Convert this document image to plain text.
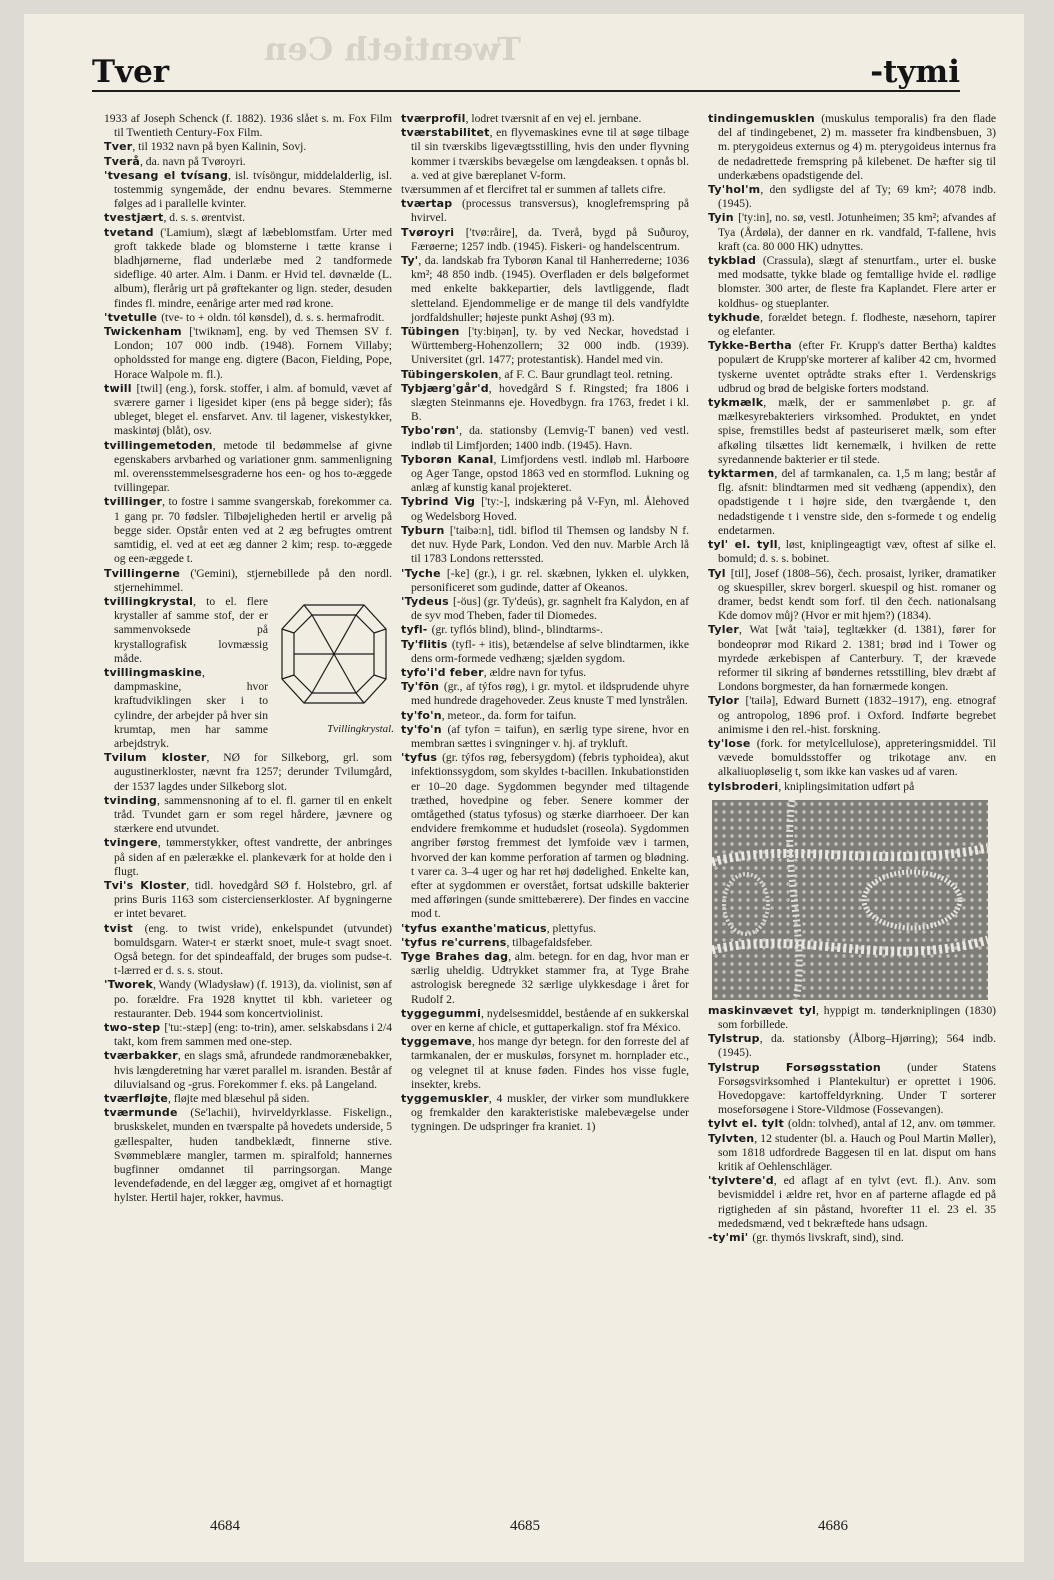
Twentieth Cen
Tver	-tymi

1933 af Joseph Schenck (f. 1882). 1936 slået s. m. Fox Film til Twentieth Century-Fox Film.

Tver, til 1932 navn på byen Kalinin, Sovj.

Tverå, da. navn på Tvøroyri.

'tvesang el tvísang, isl. tvísöngur, middelalderlig, isl. tostemmig syngemåde, der endnu bevares. Stemmerne følges ad i parallelle kvinter.

tvestjært, d. s. s. ørentvist.

tvetand ('Lamium), slægt af læbeblomstfam. Urter med groft takkede blade og blomsterne i tætte kranse i bladhjørnerne, flad underlæbe med 2 tandformede sideflige. 40 arter. Alm. i Danm. er Hvid tel. døvnælde (L. album), flerårig urt på grøftekanter og lign. steder, desuden findes fl. mindre, eenårige arter med rød krone.

'tvetulle (tve- to + oldn. tól kønsdel), d. s. s. hermafrodit.

Twickenham ['twiknəm], eng. by ved Themsen SV f. London; 107 000 indb. (1948). Fornem Villaby; opholdssted for mange eng. digtere (Bacon, Fielding, Pope, Horace Walpole m. fl.).

twill [twil] (eng.), forsk. stoffer, i alm. af bomuld, vævet af sværere garner i ligesidet kiper (ens på begge sider); fås ubleget, bleget el. ensfarvet. Anv. til lagener, viskestykker, maskintøj (blåt), osv.

tvillingemetoden, metode til bedømmelse af givne egenskabers arvbarhed og variationer gnm. sammenligning ml. overensstemmelsesgraderne hos een- og hos to-æggede tvillingepar.

tvillinger, to fostre i samme svangerskab, forekommer ca. 1 gang pr. 70 fødsler. Tilbøjeligheden hertil er arvelig på begge sider. Opstår enten ved at 2 æg befrugtes omtrent samtidig, el. ved at eet æg danner 2 kim; resp. to-æggede og een-æggede t.

Tvillingerne ('Gemini), stjernebillede på den nordl. stjernehimmel.

Tvillingkrystal.

tvillingkrystal, to el. flere krystaller af samme stof, der er sammenvoksede på krystallografisk lovmæssig måde.

tvillingmaskine, dampmaskine, hvor kraftudviklingen sker i to cylindre, der arbejder på hver sin krumtap, men har samme arbejdstryk.

Tvilum kloster, NØ for Silkeborg, grl. som augustinerkloster, nævnt fra 1257; derunder Tvilumgård, der 1537 lagdes under Silkeborg slot.

tvinding, sammensnoning af to el. fl. garner til en enkelt tråd. Tvundet garn er som regel hårdere, jævnere og stærkere end utvundet.

tvingere, tømmerstykker, oftest vandrette, der anbringes på siden af en pælerække el. plankeværk for at holde den i flugt.

Tvi's Kloster, tidl. hovedgård SØ f. Holstebro, grl. af prins Buris 1163 som cistercienserkloster. Af bygningerne er intet bevaret.

tvist (eng. to twist vride), enkelspundet (utvundet) bomuldsgarn. Water-t er stærkt snoet, mule-t svagt snoet. Også betegn. for det spindeaffald, der bruges som pudse-t. t-lærred er d. s. s. stout.

'Tworek, Wandy (Wladysław) (f. 1913), da. violinist, søn af po. forældre. Fra 1928 knyttet til kbh. varieteer og restauranter. Deb. 1944 som koncertviolinist.

two-step ['tu:-stæp] (eng: to-trin), amer. selskabsdans i 2/4 takt, kom frem sammen med one-step.

tværbakker, en slags små, afrundede randmorænebakker, hvis længderetning har været parallel m. isranden. Består af diluvialsand og -grus. Forekommer f. eks. på Langeland.

tværfløjte, fløjte med blæsehul på siden.

tværmunde (Se'lachii), hvirveldyrklasse. Fiskelign., bruskskelet, munden en tværspalte på hovedets underside, 5 gællespalter, huden tandbeklædt, finnerne stive. Svømmeblære mangler, tarmen m. spiralfold; hannernes bugfinner omdannet til parringsorgan. Mange levendefødende, en del lægger æg, omgivet af et hornagtigt hylster. Hertil hajer, rokker, havmus.

tværprofil, lodret tværsnit af en vej el. jernbane.

tværstabilitet, en flyvemaskines evne til at søge tilbage til sin tværskibs ligevægtsstilling, hvis den under flyvning kommer i tværskibs bevægelse om længdeaksen. t opnås bl. a. ved at give bæreplanet V-form.

tværsummen af et flercifret tal er summen af tallets cifre.

tværtap (processus transversus), knoglefremspring på hvirvel.

Tvøroyri ['tvø:råire], da. Tverå, bygd på Suðuroy, Færøerne; 1257 indb. (1945). Fiskeri- og handelscentrum.

Ty', da. landskab fra Tyborøn Kanal til Hanherrederne; 1036 km²; 48 850 indb. (1945). Overfladen er dels bølgeformet med enkelte bakkepartier, dels lavtliggende, fladt sletteland. Ejendommelige er de mange til dels vandfyldte jordfaldshuller; højeste punkt Ashøj (93 m).

Tübingen ['ty:biŋən], ty. by ved Neckar, hovedstad i Württemberg-Hohenzollern; 32 000 indb. (1939). Universitet (grl. 1477; protestantisk). Handel med vin.

Tübingerskolen, af F. C. Baur grundlagt teol. retning.

Tybjærg'går'd, hovedgård S f. Ringsted; fra 1806 i slægten Steinmanns eje. Hovedbygn. fra 1763, fredet i kl. B.

Tybo'røn', da. stationsby (Lemvig-T banen) ved vestl. indløb til Limfjorden; 1400 indb. (1945). Havn.

Tyborøn Kanal, Limfjordens vestl. indløb ml. Harboøre og Ager Tange, opstod 1863 ved en stormflod. Lukning og anlæg af kunstig kanal projekteret.

Tybrind Vig ['ty:-], indskæring på V-Fyn, ml. Ålehoved og Wedelsborg Hoved.

Tyburn ['taibə:n], tidl. biflod til Themsen og landsby N f. det nuv. Hyde Park, London. Ved den nuv. Marble Arch lå til 1783 Londons retterssted.

'Tyche [-ke] (gr.), i gr. rel. skæbnen, lykken el. ulykken, personificeret som gudinde, datter af Okeanos.

'Tydeus [-öus] (gr. Ty'deús), gr. sagnhelt fra Kalydon, en af de syv mod Theben, fader til Diomedes.

tyfl- (gr. tyflós blind), blind-, blindtarms-.

Ty'flitis (tyfl- + itis), betændelse af selve blindtarmen, ikke dens orm-formede vedhæng; sjælden sygdom.

tyfo'i'd feber, ældre navn for tyfus.

Ty'fōn (gr., af týfos røg), i gr. mytol. et ildsprudende uhyre med hundrede dragehoveder. Zeus knuste T med lynstrålen.

ty'fo'n, meteor., da. form for taifun.

ty'fo'n (af tyfon = taifun), en særlig type sirene, hvor en membran sættes i svingninger v. hj. af trykluft.

'tyfus (gr. týfos røg, febersygdom) (febris typhoidea), akut infektionssygdom, som skyldes t-bacillen. Inkubationstiden er 10–20 dage. Sygdommen begynder med tiltagende træthed, hovedpine og feber. Senere kommer der omtågethed (status tyfosus) og stærke diarrhoeer. Der kan endvidere fremkomme et hududslet (roseola). Sygdommen angriber førstog fremmest det lymfoide væv i tarmen, hvorved der kan komme perforation af tarmen og blødning. t varer ca. 3–4 uger og har ret høj dødelighed. Enkelte kan, efter at sygdommen er overstået, fortsat udskille bakterier med afføringen (sunde smittebærere). Der findes en vaccine mod t.

'tyfus exanthe'maticus, plettyfus.

'tyfus re'currens, tilbagefaldsfeber.

Tyge Brahes dag, alm. betegn. for en dag, hvor man er særlig uheldig. Udtrykket stammer fra, at Tyge Brahe astrologisk beregnede 32 særlige ulykkesdage i året for Rudolf 2.

tyggegummi, nydelsesmiddel, bestående af en sukkerskal over en kerne af chicle, et guttaperkalign. stof fra México.

tyggemave, hos mange dyr betegn. for den forreste del af tarmkanalen, der er muskuløs, forsynet m. hornplader etc., og velegnet til at knuse føden. Findes hos visse fugle, insekter, krebs.

tyggemuskler, 4 muskler, der virker som mundlukkere og fremkalder den karakteristiske malebevægelse under tygningen. De udspringer fra kraniet. 1)

tindingemusklen (muskulus temporalis) fra den flade del af tindingebenet, 2) m. masseter fra kindbensbuen, 3) m. pterygoideus externus og 4) m. pterygoideus internus fra de nedadrettede fremspring på kilebenet. De hæfter sig til underkæbens opadstigende del.

Ty'hol'm, den sydligste del af Ty; 69 km²; 4078 indb. (1945).

Tyin ['ty:in], no. sø, vestl. Jotunheimen; 35 km²; afvandes af Tya (Årdøla), der danner en rk. vandfald, T-fallene, hvis kraft (ca. 80 000 HK) udnyttes.

tykblad (Crassula), slægt af stenurtfam., urter el. buske med modsatte, tykke blade og femtallige hvide el. rødlige blomster. 300 arter, de fleste fra Kaplandet. Flere arter er koldhus- og stueplanter.

tykhude, forældet betegn. f. flodheste, næsehorn, tapirer og elefanter.

Tykke-Bertha (efter Fr. Krupp's datter Bertha) kaldtes populært de Krupp'ske morterer af kaliber 42 cm, hvormed tyskerne uventet optrådte straks efter 1. Verdenskrigs udbrud og brød de belgiske forters modstand.

tykmælk, mælk, der er sammenløbet p. gr. af mælkesyrebakteriers virksomhed. Produktet, en yndet spise, fremstilles bedst af pasteuriseret mælk, som efter afkøling tilsættes lidt kernemælk, i hvilken de rette syredannende bakterier er til stede.

tyktarmen, del af tarmkanalen, ca. 1,5 m lang; består af flg. afsnit: blindtarmen med sit vedhæng (appendix), den opadstigende t i højre side, den tværgående t, den nedadstigende t i venstre side, den s-formede t og endelig endetarmen.

tyl' el. tyll, løst, kniplingeagtigt væv, oftest af silke el. bomuld; d. s. s. bobinet.

Tyl [til], Josef (1808–56), čech. prosaist, lyriker, dramatiker og skuespiller, skrev borgerl. skuespil og hist. romaner og dramer, bedst kendt som forf. til den čech. nationalsang Kde domov můj? (Hvor er mit hjem?) (1834).

Tyler, Wat [wåt 'taiə], tegltækker (d. 1381), fører for bondeoprør mod Rikard 2. 1381; brød ind i Tower og myrdede ærkebispen af Canterbury. T, der krævede reformer til sikring af bøndernes retsstilling, blev dræbt af Londons borgmester, da han fornærmede kongen.

Tylor ['tailə], Edward Burnett (1832–1917), eng. etnograf og antropolog, 1896 prof. i Oxford. Indførte begrebet animisme i den rel.-hist. forskning.

ty'lose (fork. for metylcellulose), appreteringsmiddel. Til vævede bomuldsstoffer og trikotage anv. en alkaliuopløselig t, som ikke kan vaskes ud af varen.

tylsbroderi, kniplingsimitation udført på

maskinvævet tyl, hyppigt m. tønderkniplingen (1830) som forbillede.

Tylstrup, da. stationsby (Ålborg–Hjørring); 564 indb. (1945).

Tylstrup Forsøgsstation (under Statens Forsøgsvirksomhed i Plantekultur) er oprettet i 1906. Hovedopgave: kartoffeldyrkning. Under T sorterer moseforsøgene i Store-Vildmose (Fossevangen).

tylvt el. tylt (oldn: tolvhed), antal af 12, anv. om tømmer.

Tylvten, 12 studenter (bl. a. Hauch og Poul Martin Møller), som 1818 udfordrede Baggesen til en lat. disput om hans kritik af Oehlenschläger.

'tylvtere'd, ed aflagt af en tylvt (evt. fl.). Anv. som bevismiddel i ældre ret, hvor en af parterne aflagde ed på rigtigheden af sin påstand, hvorefter 11 el. 23 el. 35 mededsmænd, ved t bekræftede hans udsagn.

-ty'mi' (gr. thymós livskraft, sind), sind.

4684	4685	4686
